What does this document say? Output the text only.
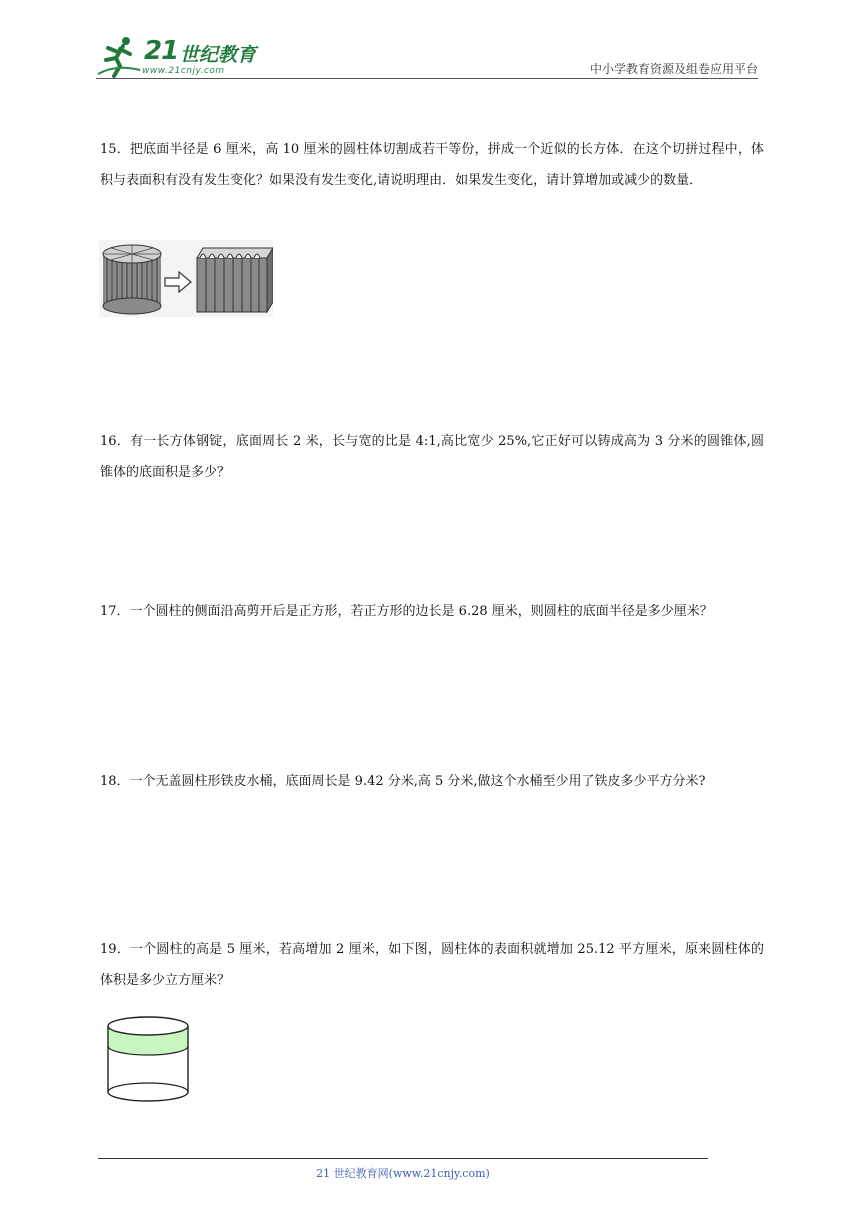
21 世纪教育
www.21cnjy.com	中小学教育资源及组卷应用平台
15．把底面半径是 6 厘米，高 10 厘米的圆柱体切割成若干等份，拼成一个近似的长方体．在这个切拼过程中，体积与表面积有没有发生变化？如果没有发生变化,请说明理由．如果发生变化，请计算增加或减少的数量．
16．有一长方体钢锭，底面周长 2 米，长与宽的比是 4:1,高比宽少 25%,它正好可以铸成高为 3 分米的圆锥体,圆锥体的底面积是多少？
17．一个圆柱的侧面沿高剪开后是正方形，若正方形的边长是 6.28 厘米，则圆柱的底面半径是多少厘米？
18．一个无盖圆柱形铁皮水桶，底面周长是 9.42 分米,高 5 分米,做这个水桶至少用了铁皮多少平方分米?
19．一个圆柱的高是 5 厘米，若高增加 2 厘米，如下图，圆柱体的表面积就增加 25.12 平方厘米，原来圆柱体的体积是多少立方厘米？
21 世纪教育网(www.21cnjy.com)
